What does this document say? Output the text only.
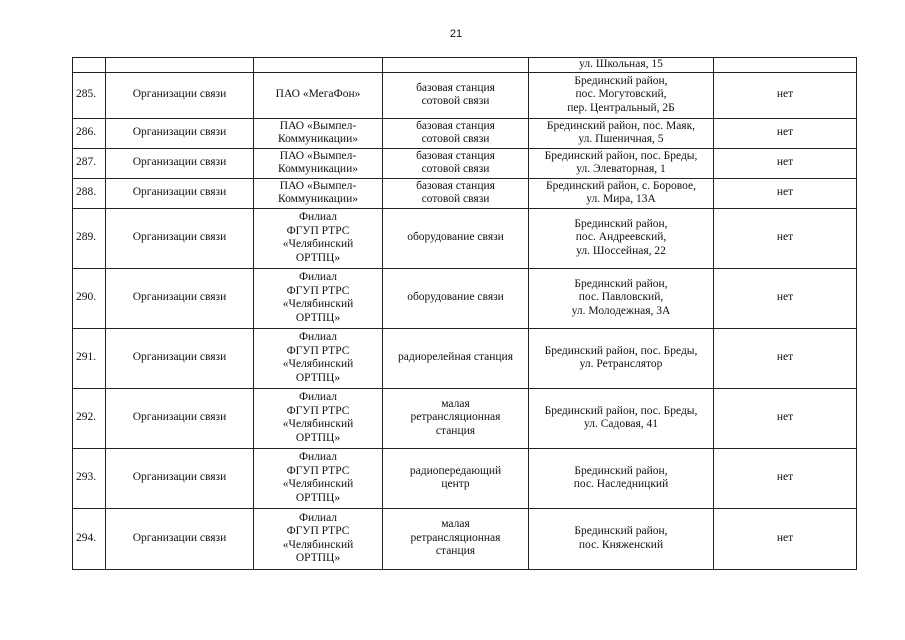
21

				ул. Школьная, 15	

285.	Организации связи	ПАО «МегаФон»	базовая станция
сотовой связи	Брединский район,
пос. Могутовский,
пер. Центральный, 2Б	нет
286.	Организации связи	ПАО «Вымпел-
Коммуникации»	базовая станция
сотовой связи	Брединский район, пос. Маяк,
ул. Пшеничная, 5	нет
287.	Организации связи	ПАО «Вымпел-
Коммуникации»	базовая станция
сотовой связи	Брединский район, пос. Бреды,
ул. Элеваторная, 1	нет
288.	Организации связи	ПАО «Вымпел-
Коммуникации»	базовая станция
сотовой связи	Брединский район, с. Боровое,
ул. Мира, 13А	нет
289.	Организации связи	Филиал
ФГУП РТРС
«Челябинский
ОРТПЦ»	оборудование связи	Брединский район,
пос. Андреевский,
ул. Шоссейная, 22	нет
290.	Организации связи	Филиал
ФГУП РТРС
«Челябинский
ОРТПЦ»	оборудование связи	Брединский район,
пос. Павловский,
ул. Молодежная, 3А	нет
291.	Организации связи	Филиал
ФГУП РТРС
«Челябинский
ОРТПЦ»	радиорелейная станция	Брединский район, пос. Бреды,
ул. Ретранслятор	нет
292.	Организации связи	Филиал
ФГУП РТРС
«Челябинский
ОРТПЦ»	малая
ретрансляционная
станция	Брединский район, пос. Бреды,
ул. Садовая, 41	нет
293.	Организации связи	Филиал
ФГУП РТРС
«Челябинский
ОРТПЦ»	радиопередающий
центр	Брединский район,
пос. Наследницкий	нет
294.	Организации связи	Филиал
ФГУП РТРС
«Челябинский
ОРТПЦ»	малая
ретрансляционная
станция	Брединский район,
пос. Княженский	нет
